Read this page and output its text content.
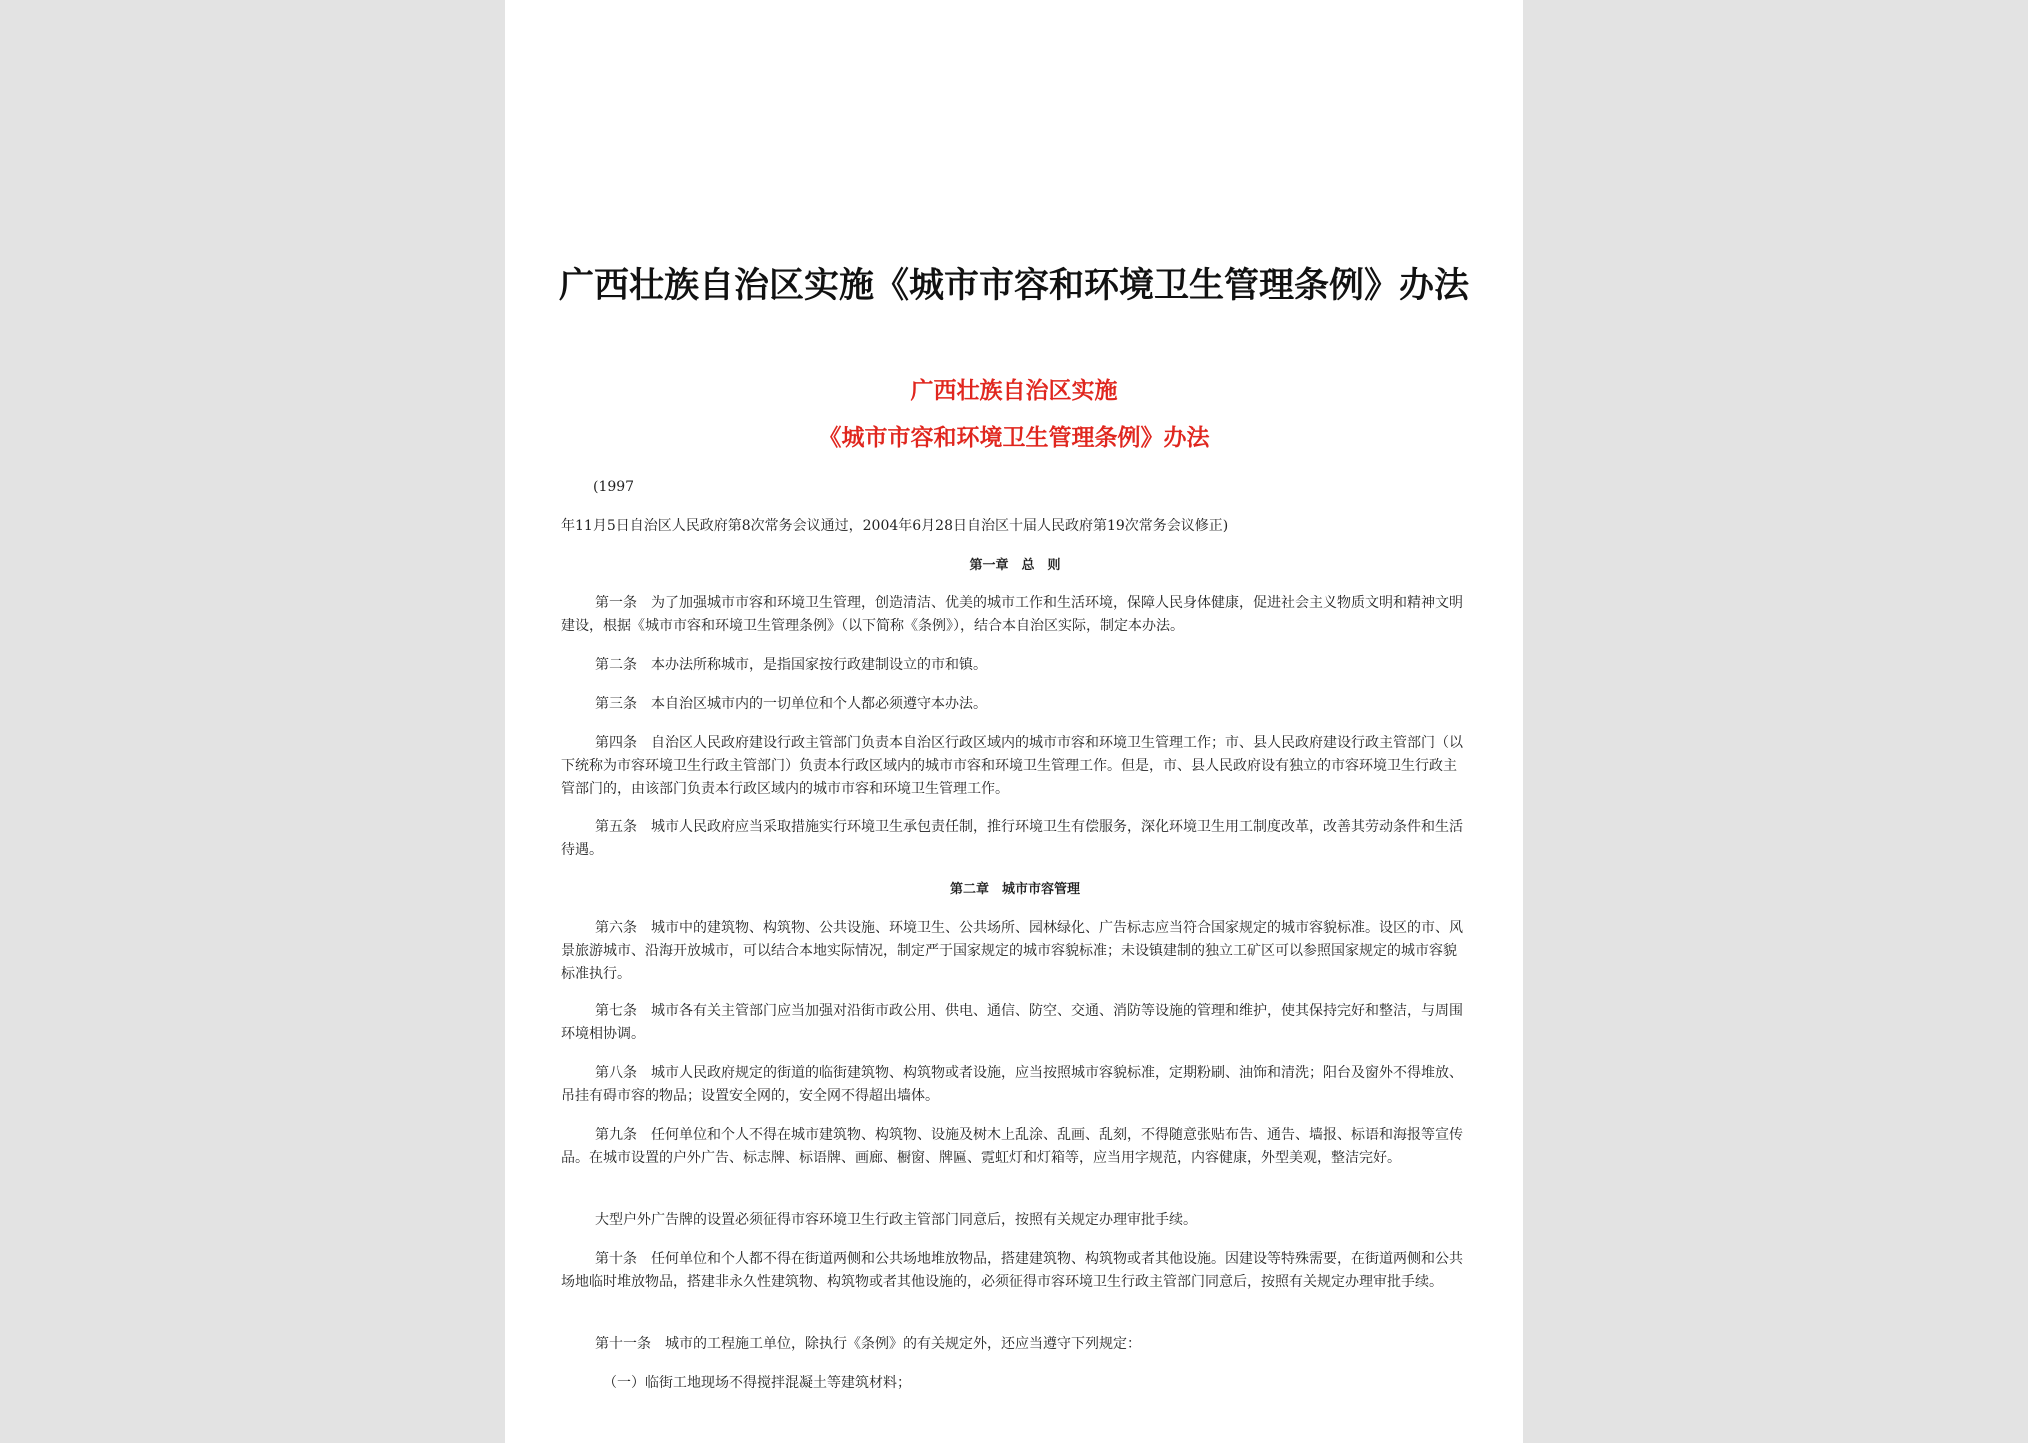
广西壮族自治区实施《城市市容和环境卫生管理条例》办法

广西壮族自治区实施

《城市市容和环境卫生管理条例》办法

(1997

年11月5日自治区人民政府第8次常务会议通过，2004年6月28日自治区十届人民政府第19次常务会议修正)

第一章　总　则

第一条　为了加强城市市容和环境卫生管理，创造清洁、优美的城市工作和生活环境，保障人民身体健康，促进社会主义物质文明和精神文明建设，根据《城市市容和环境卫生管理条例》（以下简称《条例》），结合本自治区实际，制定本办法。

第二条　本办法所称城市，是指国家按行政建制设立的市和镇。

第三条　本自治区城市内的一切单位和个人都必须遵守本办法。

第四条　自治区人民政府建设行政主管部门负责本自治区行政区域内的城市市容和环境卫生管理工作；市、县人民政府建设行政主管部门（以下统称为市容环境卫生行政主管部门）负责本行政区域内的城市市容和环境卫生管理工作。但是，市、县人民政府设有独立的市容环境卫生行政主管部门的，由该部门负责本行政区域内的城市市容和环境卫生管理工作。

第五条　城市人民政府应当采取措施实行环境卫生承包责任制，推行环境卫生有偿服务，深化环境卫生用工制度改革，改善其劳动条件和生活待遇。

第二章　城市市容管理

第六条　城市中的建筑物、构筑物、公共设施、环境卫生、公共场所、园林绿化、广告标志应当符合国家规定的城市容貌标准。设区的市、风景旅游城市、沿海开放城市，可以结合本地实际情况，制定严于国家规定的城市容貌标准；未设镇建制的独立工矿区可以参照国家规定的城市容貌标准执行。

第七条　城市各有关主管部门应当加强对沿街市政公用、供电、通信、防空、交通、消防等设施的管理和维护，使其保持完好和整洁，与周围环境相协调。

第八条　城市人民政府规定的街道的临街建筑物、构筑物或者设施，应当按照城市容貌标准，定期粉刷、油饰和清洗；阳台及窗外不得堆放、吊挂有碍市容的物品；设置安全网的，安全网不得超出墙体。

第九条　任何单位和个人不得在城市建筑物、构筑物、设施及树木上乱涂、乱画、乱刻，不得随意张贴布告、通告、墙报、标语和海报等宣传品。在城市设置的户外广告、标志牌、标语牌、画廊、橱窗、牌匾、霓虹灯和灯箱等，应当用字规范，内容健康，外型美观，整洁完好。

大型户外广告牌的设置必须征得市容环境卫生行政主管部门同意后，按照有关规定办理审批手续。

第十条　任何单位和个人都不得在街道两侧和公共场地堆放物品，搭建建筑物、构筑物或者其他设施。因建设等特殊需要，在街道两侧和公共场地临时堆放物品，搭建非永久性建筑物、构筑物或者其他设施的，必须征得市容环境卫生行政主管部门同意后，按照有关规定办理审批手续。

第十一条　城市的工程施工单位，除执行《条例》的有关规定外，还应当遵守下列规定：

（一）临街工地现场不得搅拌混凝土等建筑材料；
